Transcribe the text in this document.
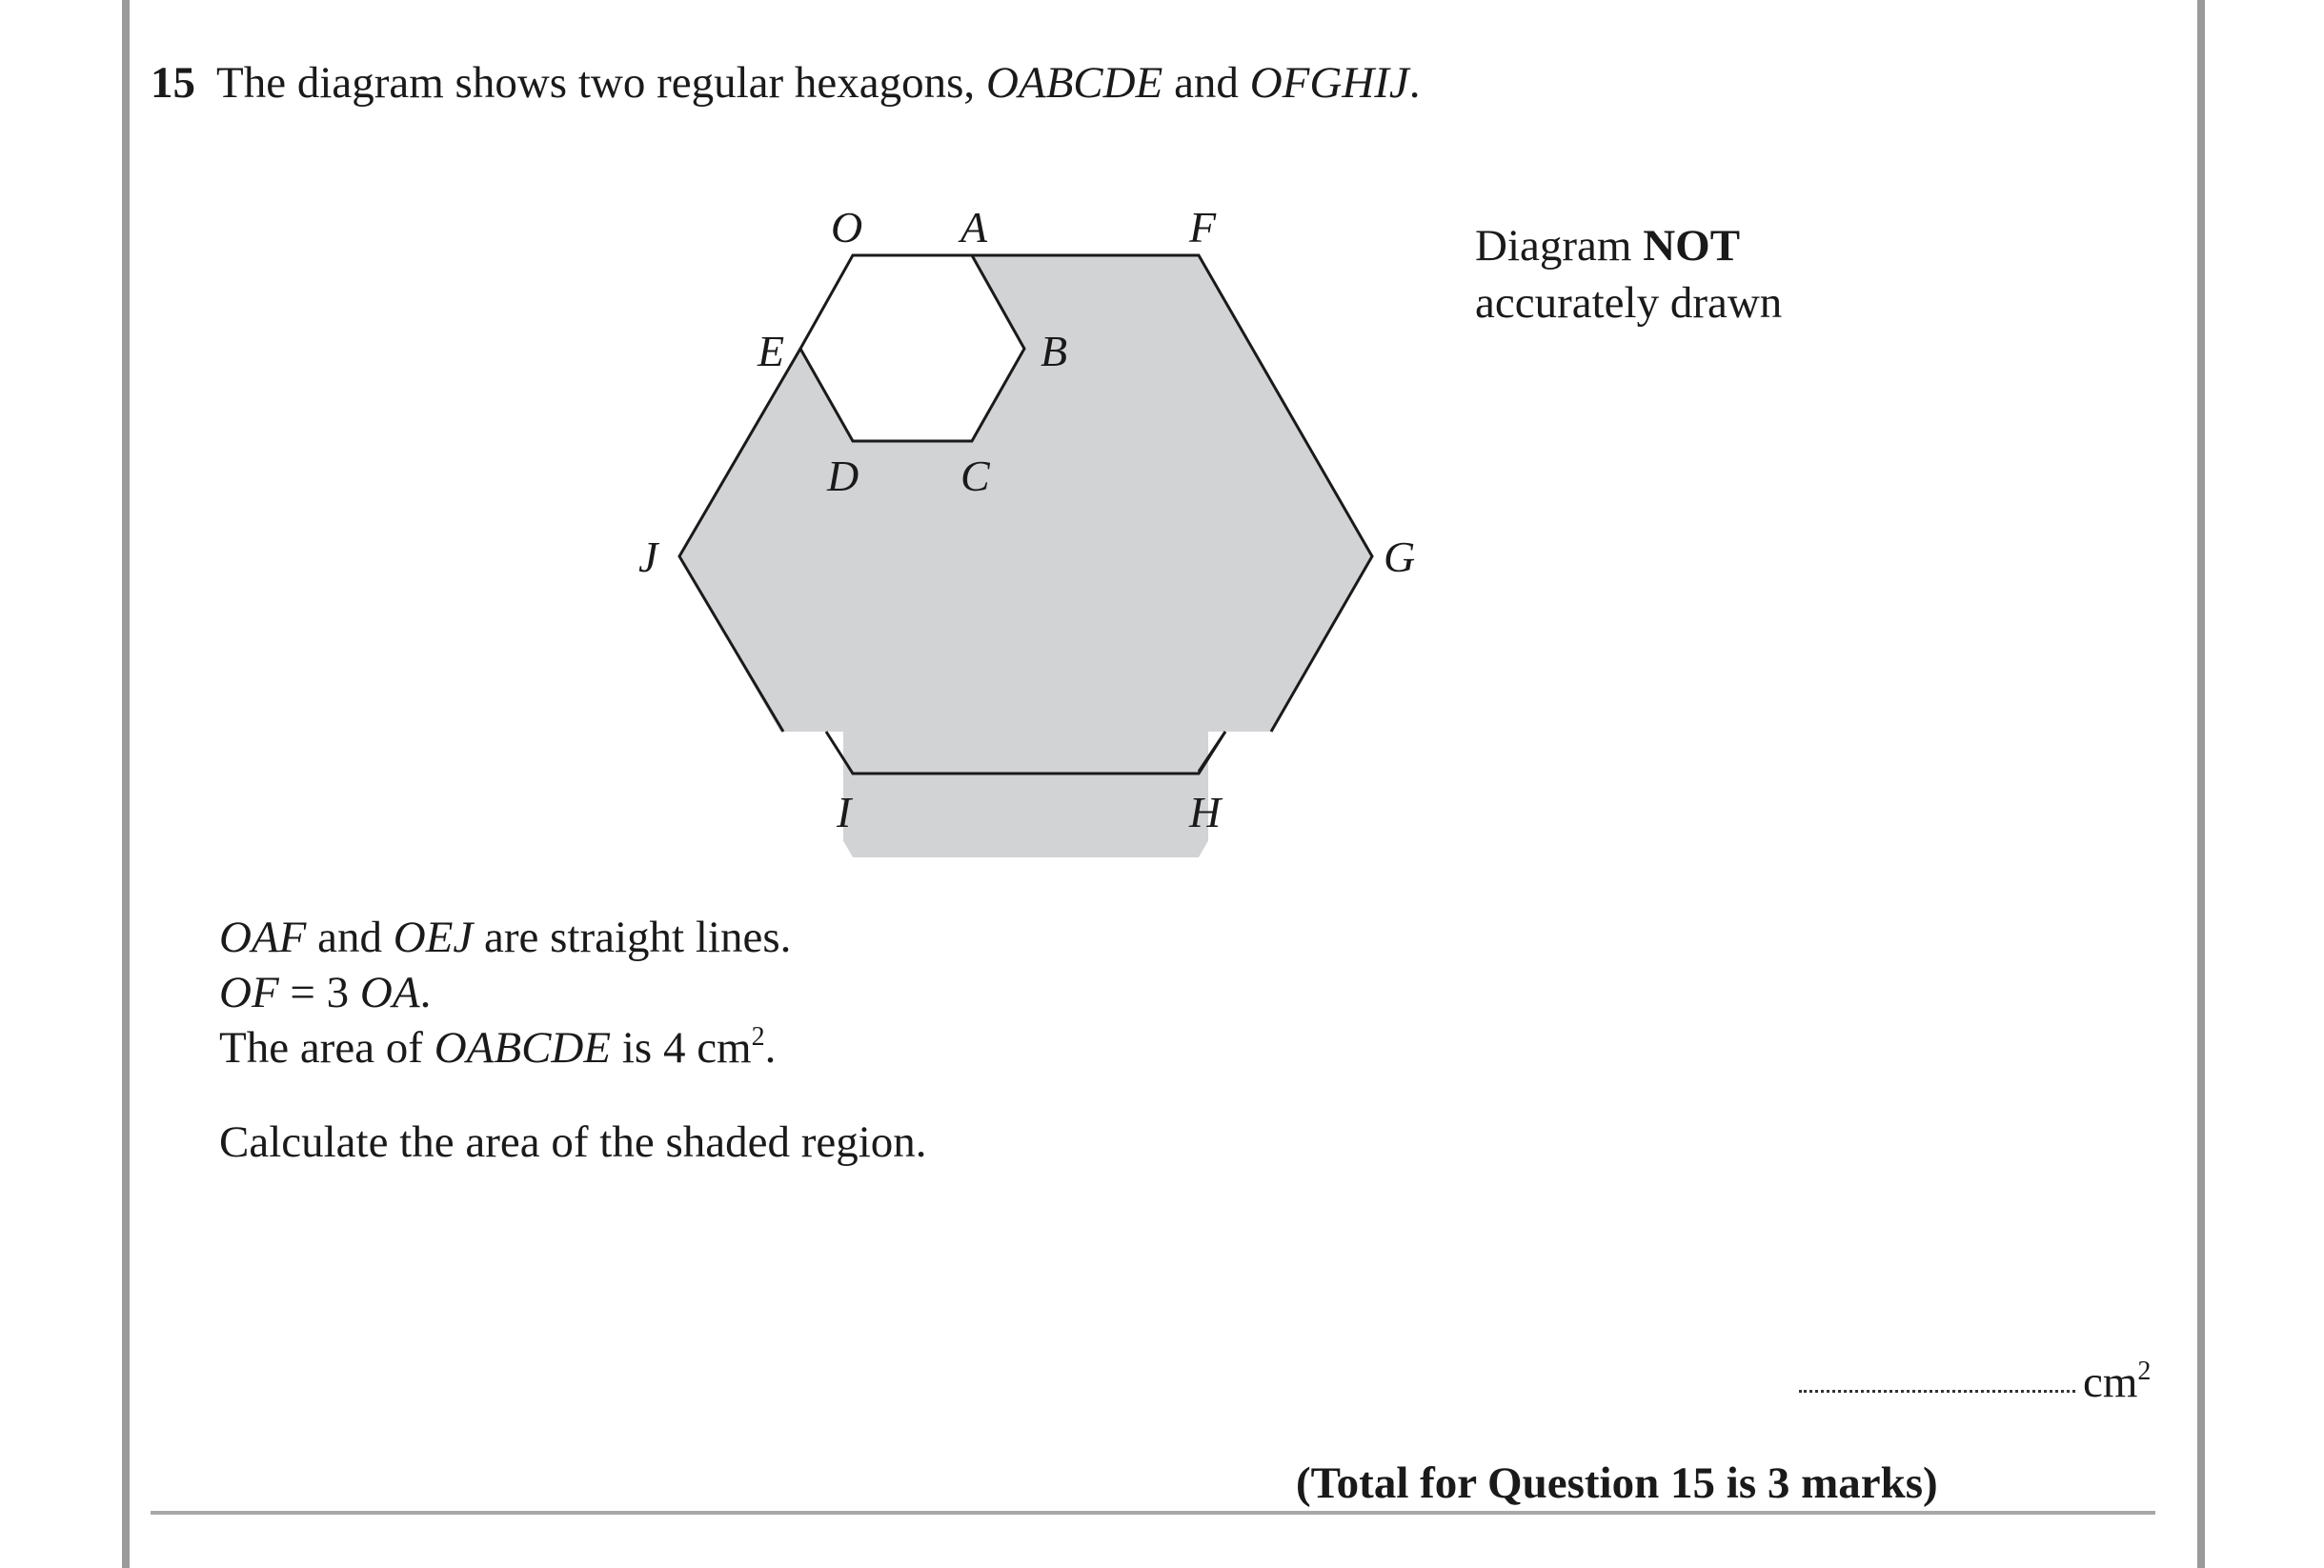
15 The diagram shows two regular hexagons, OABCDE and OFGHIJ.
O A	F
E	B
D C
J	G
I	H
Diagram NOT
accurately drawn
OAF and OEJ are straight lines.
OF = 3 OA.
The area of OABCDE is 4 $cm^2$.
Calculate the area of the shaded region.
$cm^2$
(Total for Question 15 is 3 marks)
